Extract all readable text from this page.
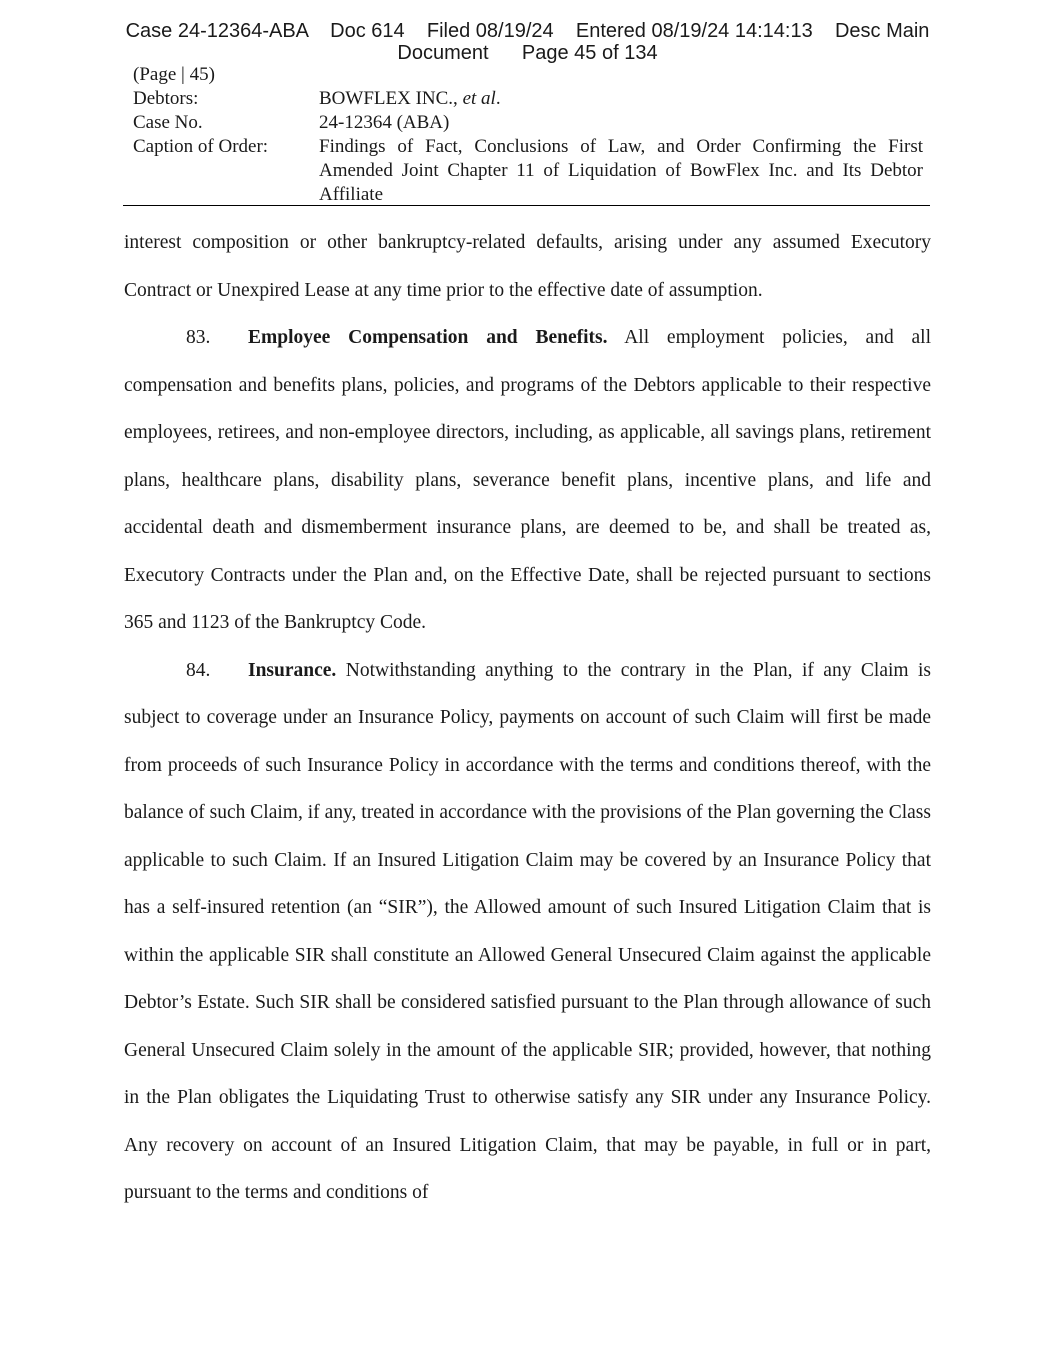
Case 24-12364-ABA    Doc 614    Filed 08/19/24    Entered 08/19/24 14:14:13    Desc Main
Document      Page 45 of 134
(Page | 45)
Debtors:	BOWFLEX INC., et al.
Case No.	24-12364 (ABA)
Caption of Order:	Findings of Fact, Conclusions of Law, and Order Confirming the First Amended Joint Chapter 11 of Liquidation of BowFlex Inc. and Its Debtor Affiliate

interest composition or other bankruptcy-related defaults, arising under any assumed Executory Contract or Unexpired Lease at any time prior to the effective date of assumption.

83. Employee Compensation and Benefits. All employment policies, and all compensation and benefits plans, policies, and programs of the Debtors applicable to their respective employees, retirees, and non-employee directors, including, as applicable, all savings plans, retirement plans, healthcare plans, disability plans, severance benefit plans, incentive plans, and life and accidental death and dismemberment insurance plans, are deemed to be, and shall be treated as, Executory Contracts under the Plan and, on the Effective Date, shall be rejected pursuant to sections 365 and 1123 of the Bankruptcy Code.

84. Insurance. Notwithstanding anything to the contrary in the Plan, if any Claim is subject to coverage under an Insurance Policy, payments on account of such Claim will first be made from proceeds of such Insurance Policy in accordance with the terms and conditions thereof, with the balance of such Claim, if any, treated in accordance with the provisions of the Plan governing the Class applicable to such Claim. If an Insured Litigation Claim may be covered by an Insurance Policy that has a self-insured retention (an “SIR”), the Allowed amount of such Insured Litigation Claim that is within the applicable SIR shall constitute an Allowed General Unsecured Claim against the applicable Debtor’s Estate. Such SIR shall be considered satisfied pursuant to the Plan through allowance of such General Unsecured Claim solely in the amount of the applicable SIR; provided, however, that nothing in the Plan obligates the Liquidating Trust to otherwise satisfy any SIR under any Insurance Policy. Any recovery on account of an Insured Litigation Claim, that may be payable, in full or in part, pursuant to the terms and conditions of
